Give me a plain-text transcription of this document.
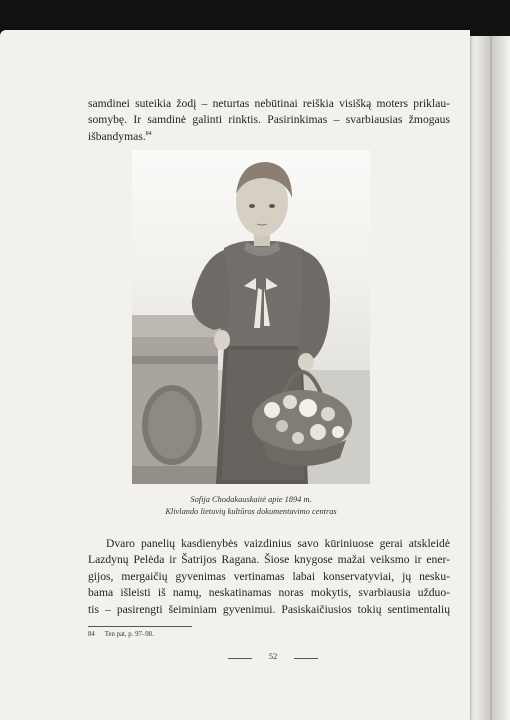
samdinei suteikia žodį – neturtas nebūtinai reiškia visišką moters priklau-
somybę. Ir samdinė galinti rinktis. Pasirinkimas – svarbiausias žmogaus
išbandymas.$^{84}$

Sofija Chodakauskaitė apie 1894 m.
Klivlando lietuvių kultūros dokumentavimo centras

Dvaro panelių kasdienybės vaizdinius savo kūriniuose gerai atskleidė
Lazdynų Pelėda ir Šatrijos Ragana. Šiose knygose mažai veiksmo ir ener-
gijos, mergaičių gyvenimas vertinamas labai konservatyviai, jų nesku-
bama išleisti iš namų, neskatinamas noras mokytis, svarbiausia užduo-
tis – pasirengti šeiminiam gyvenimui. Pasiskaičiusios tokių sentimentalių

84 Ten pat, p. 97–98.
52
